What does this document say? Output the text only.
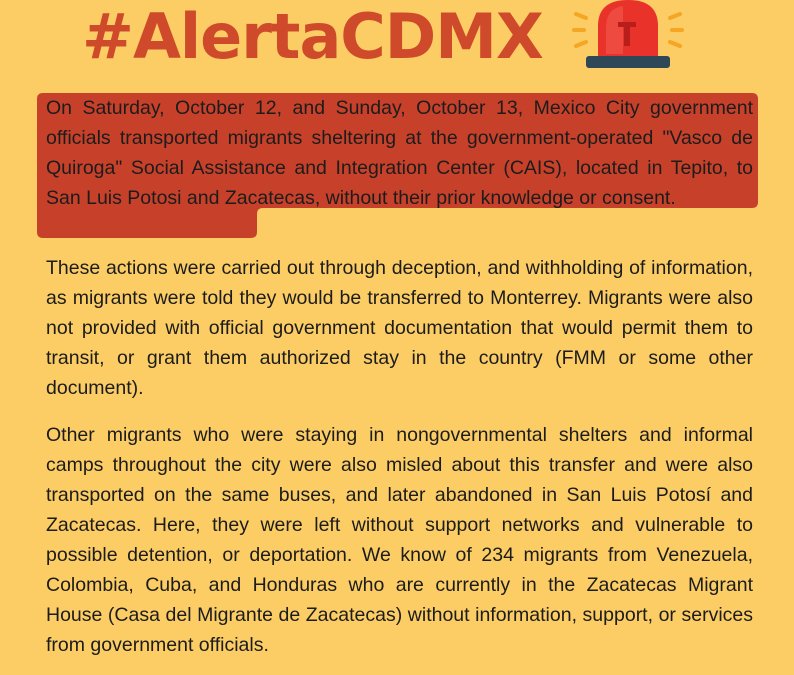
#AlertaCDMX

On Saturday, October 12, and Sunday, October 13, Mexico City government officials transported migrants sheltering at the government-operated "Vasco de Quiroga" Social Assistance and Integration Center (CAIS), located in Tepito, to San Luis Potosi and Zacatecas, without their prior knowledge or consent.

These actions were carried out through deception, and withholding of information, as migrants were told they would be transferred to Monterrey. Migrants were also not provided with official government documentation that would permit them to transit, or grant them authorized stay in the country (FMM or some other document).

Other migrants who were staying in nongovernmental shelters and informal camps throughout the city were also misled about this transfer and were also transported on the same buses, and later abandoned in San Luis Potosí and Zacatecas. Here, they were left without support networks and vulnerable to possible detention, or deportation. We know of 234 migrants from Venezuela, Colombia, Cuba, and Honduras who are currently in the Zacatecas Migrant House (Casa del Migrante de Zacatecas) without information, support, or services from government officials.
